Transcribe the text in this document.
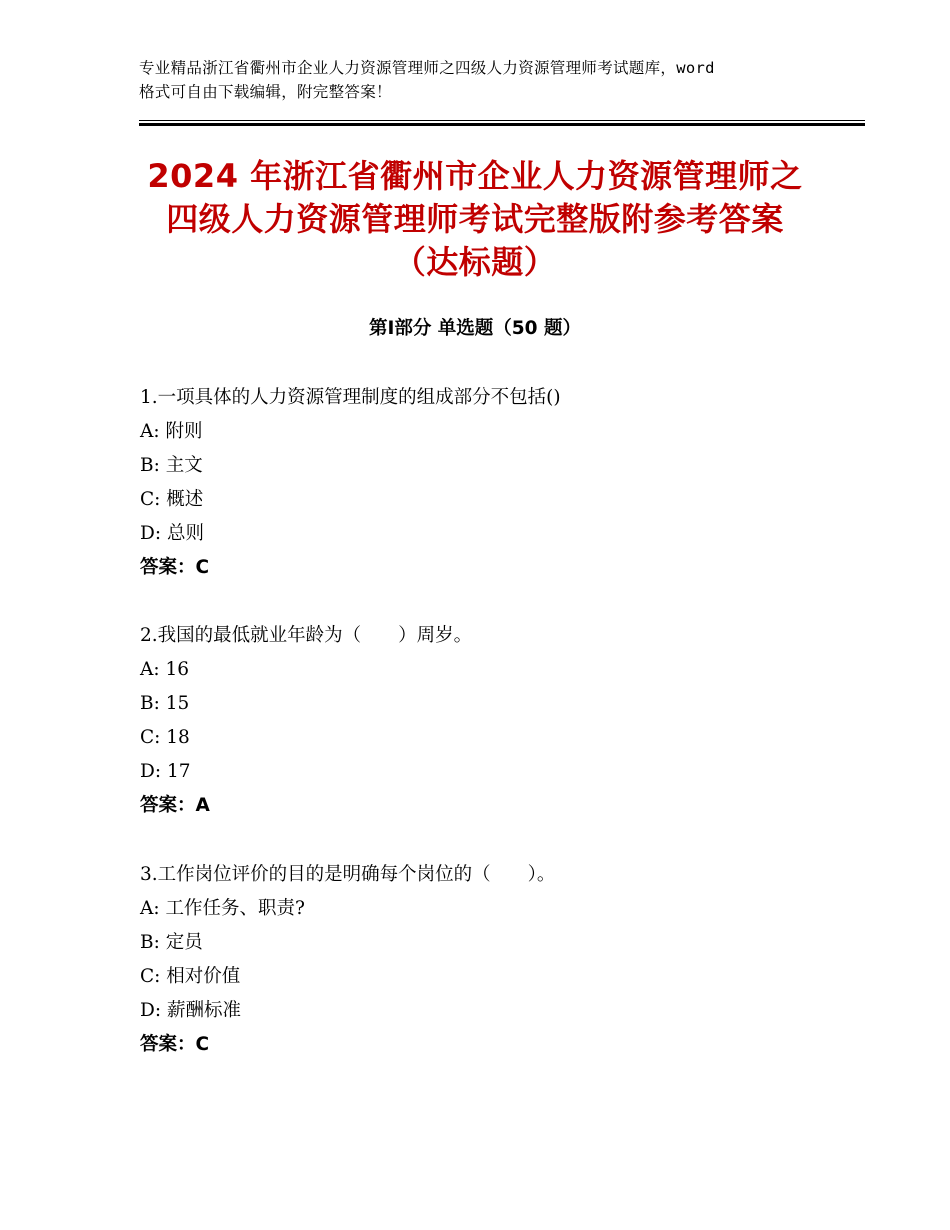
专业精品浙江省衢州市企业人力资源管理师之四级人力资源管理师考试题库，word
格式可自由下载编辑，附完整答案！
2024 年浙江省衢州市企业人力资源管理师之
四级人力资源管理师考试完整版附参考答案
（达标题）
第Ⅰ部分 单选题（50 题）
1.一项具体的人力资源管理制度的组成部分不包括()
A: 附则
B: 主文
C: 概述
D: 总则
答案：C
2.我国的最低就业年龄为（　　）周岁。
A: 16
B: 15
C: 18
D: 17
答案：A
3.工作岗位评价的目的是明确每个岗位的（　　）。
A: 工作任务、职责?
B: 定员
C: 相对价值
D: 薪酬标准
答案：C
